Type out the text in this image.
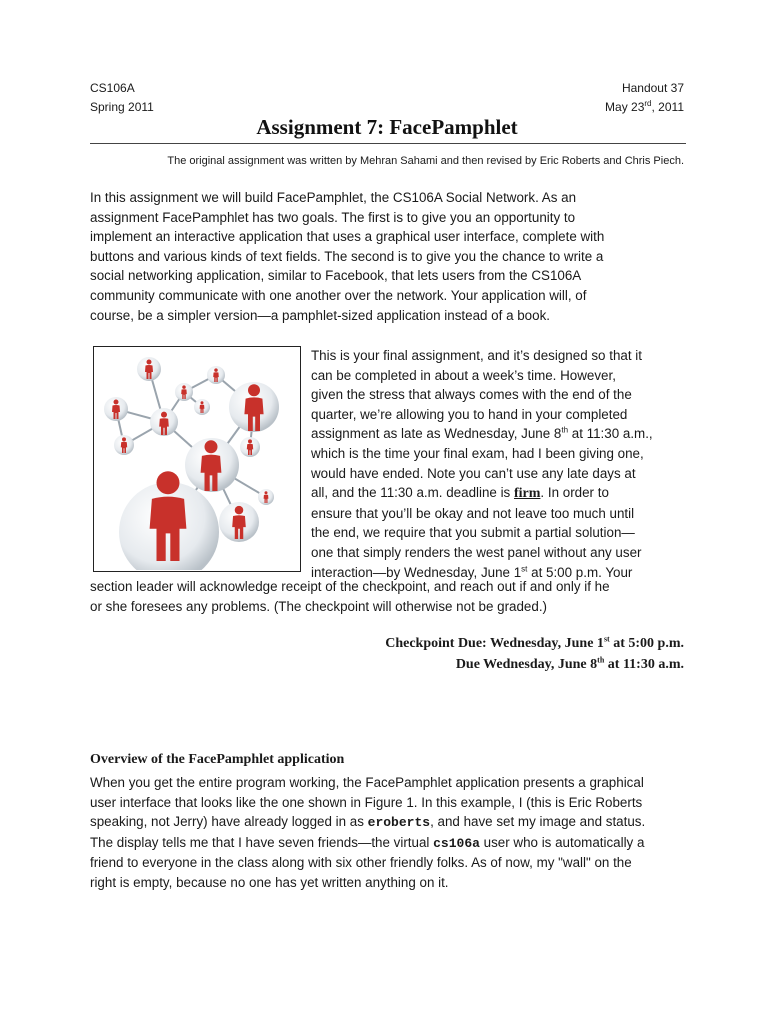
CS106A
Spring 2011
Handout 37
May 23rd, 2011
Assignment 7: FacePamphlet
The original assignment was written by Mehran Sahami and then revised by Eric Roberts and Chris Piech.
In this assignment we will build FacePamphlet, the CS106A Social Network. As an
assignment FacePamphlet has two goals. The first is to give you an opportunity to
implement an interactive application that uses a graphical user interface, complete with
buttons and various kinds of text fields. The second is to give you the chance to write a
social networking application, similar to Facebook, that lets users from the CS106A
community communicate with one another over the network. Your application will, of
course, be a simpler version—a pamphlet-sized application instead of a book.
This is your final assignment, and it’s designed so that it
can be completed in about a week’s time. However,
given the stress that always comes with the end of the
quarter, we’re allowing you to hand in your completed
assignment as late as Wednesday, June 8th at 11:30 a.m.,
which is the time your final exam, had I been giving one,
would have ended. Note you can’t use any late days at
all, and the 11:30 a.m. deadline is firm. In order to
ensure that you’ll be okay and not leave too much until
the end, we require that you submit a partial solution—
one that simply renders the west panel without any user
interaction—by Wednesday, June 1st at 5:00 p.m. Your
section leader will acknowledge receipt of the checkpoint, and reach out if and only if he
or she foresees any problems. (The checkpoint will otherwise not be graded.)
Checkpoint Due: Wednesday, June 1st at 5:00 p.m.
Due Wednesday, June 8th at 11:30 a.m.
Overview of the FacePamphlet application
When you get the entire program working, the FacePamphlet application presents a graphical
user interface that looks like the one shown in Figure 1. In this example, I (this is Eric Roberts
speaking, not Jerry) have already logged in as eroberts, and have set my image and status.
The display tells me that I have seven friends—the virtual cs106a user who is automatically a
friend to everyone in the class along with six other friendly folks. As of now, my "wall" on the
right is empty, because no one has yet written anything on it.
